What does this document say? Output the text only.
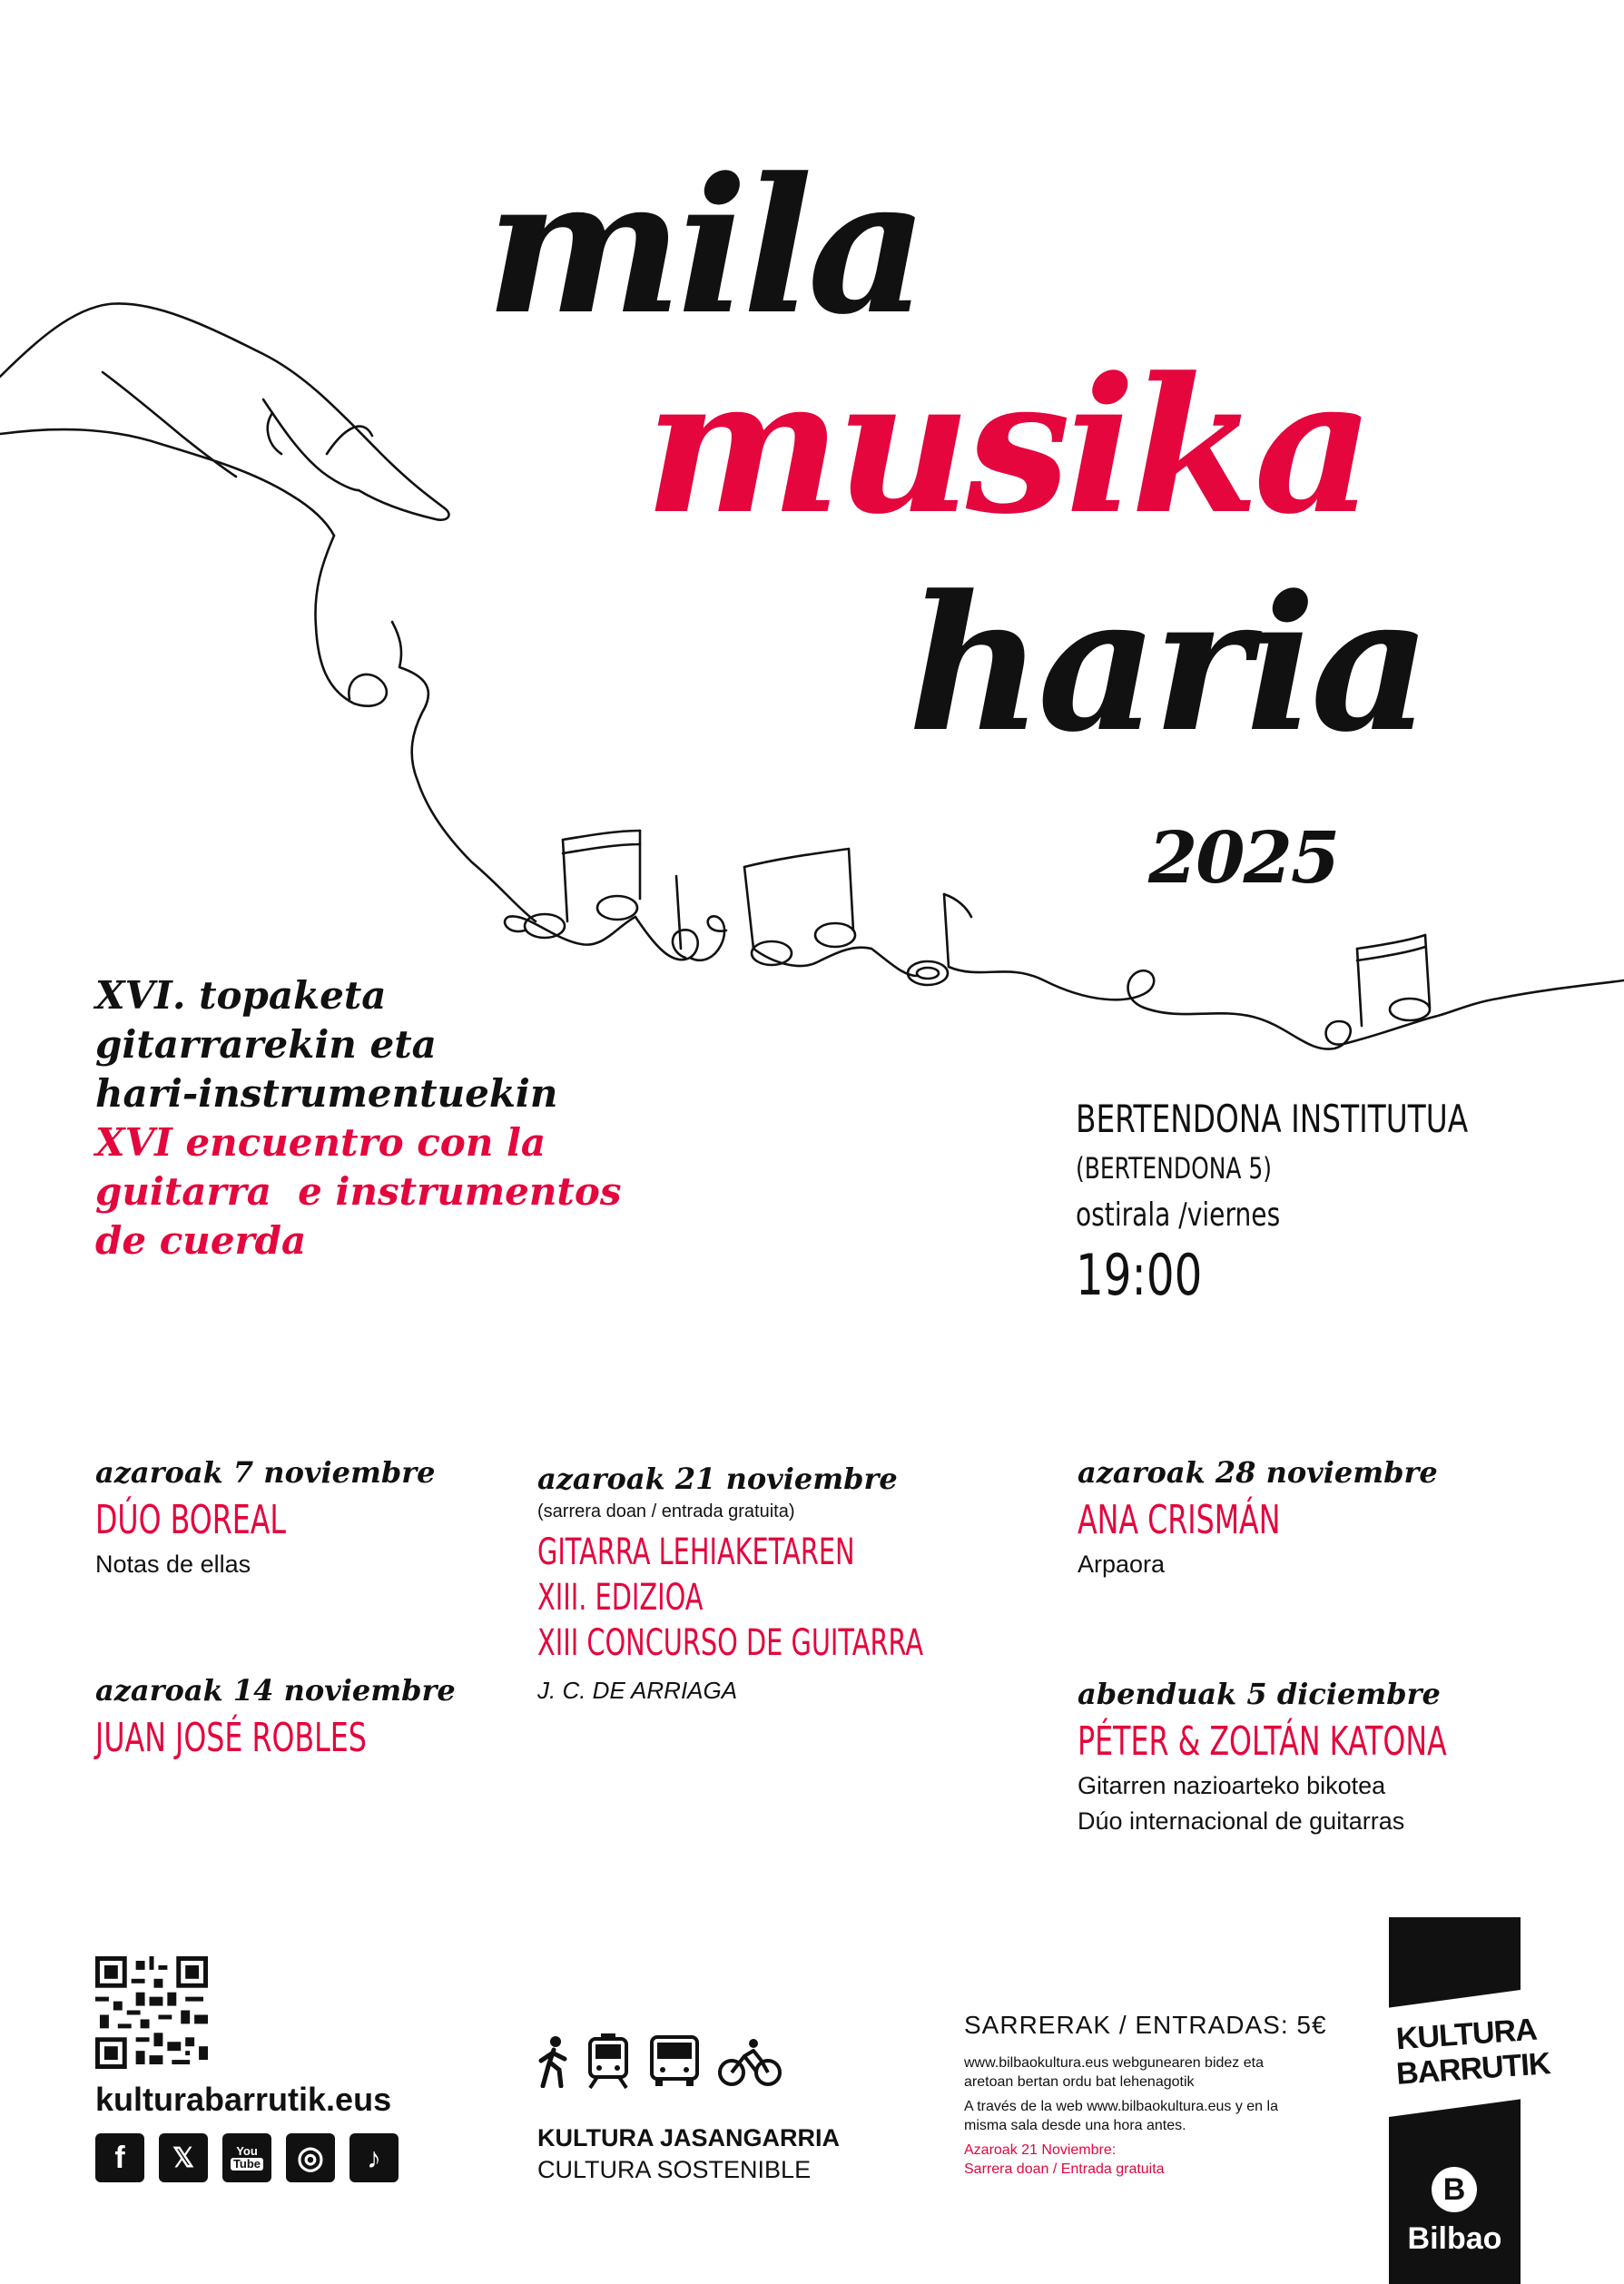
mila
musika
haria
2025
XVI. topaketa
gitarrarekin eta
hari-instrumentuekin
XVI encuentro con la
guitarra  e instrumentos
de cuerda
BERTENDONA INSTITUTUA
(BERTENDONA 5)
ostirala /viernes
19:00
azaroak 7 noviembre
DÚO BOREAL
Notas de ellas
azaroak 14 noviembre
JUAN JOSÉ ROBLES
azaroak 21 noviembre
(sarrera doan / entrada gratuita)
GITARRA LEHIAKETAREN
XIII. EDIZIOA
XIII CONCURSO DE GUITARRA
J. C. DE ARRIAGA
azaroak 28 noviembre
ANA CRISMÁN
Arpaora
abenduak 5 diciembre
PÉTER & ZOLTÁN KATONA
Gitarren nazioarteko bikotea
Dúo internacional de guitarras
kulturabarrutik.eus
f	𝕏	You
Tube	◎	♪
KULTURA JASANGARRIA
CULTURA SOSTENIBLE
SARRERAK / ENTRADAS: 5€
www.bilbaokultura.eus webgunearen bidez eta
aretoan bertan ordu bat lehenagotik
A través de la web www.bilbaokultura.eus y en la
misma sala desde una hora antes.
Azaroak 21 Noviembre:
Sarrera doan / Entrada gratuita
KULTURA
BARRUTIK
B
Bilbao
